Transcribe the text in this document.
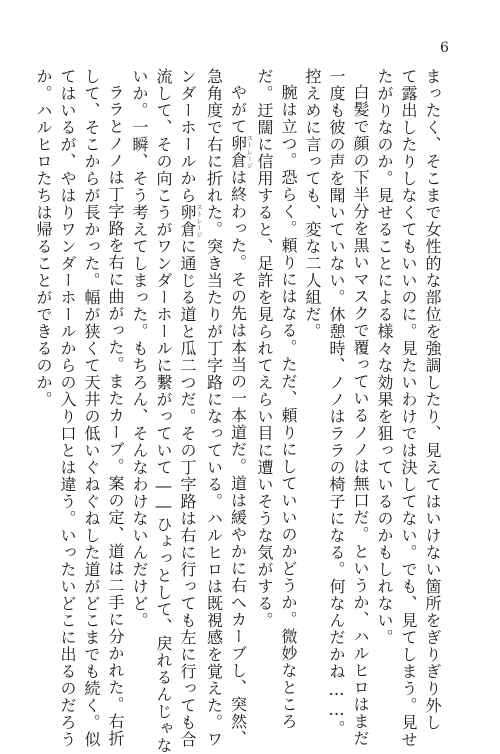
6
まったく、そこまで女性的な部位を強調したり、見えてはいけない箇所をぎりぎり外し
て露出したりしなくてもいいのに。見たいわけでは決してない。でも、見てしまう。見せ
たがりなのか。見せることによる様々な効果を狙っているのかもしれない。
白髪で顔の下半分を黒いマスクで覆っているノノは無口だ。というか、ハルヒロはまだ
一度も彼の声を聞いていない。休憩時、ノノはララの椅子になる。何なんだかね……。
控えめに言っても、変な二人組だ。
腕は立つ。恐らく。頼りにはなる。ただ、頼りにしていいのかどうか。微妙なところ
だ。迂闊に信用すると、足許を見られてえらい目に遭いそうな気がする。
やがて卵倉ストレージは終わった。その先は本当の一本道だ。道は緩やかに右へカーブし、突然、
急角度で右に折れた。突き当たりが丁字路になっている。ハルヒロは既視感を覚えた。ワ
ンダーホールから卵倉ストレージに通じる道と瓜二つだ。その丁字路は右に行っても左に行っても合
流して、その向こうがワンダーホールに繋がっていて――ひょっとして、戻れるんじゃな
いか。一瞬、そう考えてしまった。もちろん、そんなわけないんだけど。
ララとノノは丁字路を右に曲がった。またカーブ。案の定、道は二手に分かれた。右折
して、そこからが長かった。幅が狭くて天井の低いぐねぐねした道がどこまでも続く。似
てはいるが、やはりワンダーホールからの入り口とは違う。いったいどこに出るのだろう
か。ハルヒロたちは帰ることができるのか。
